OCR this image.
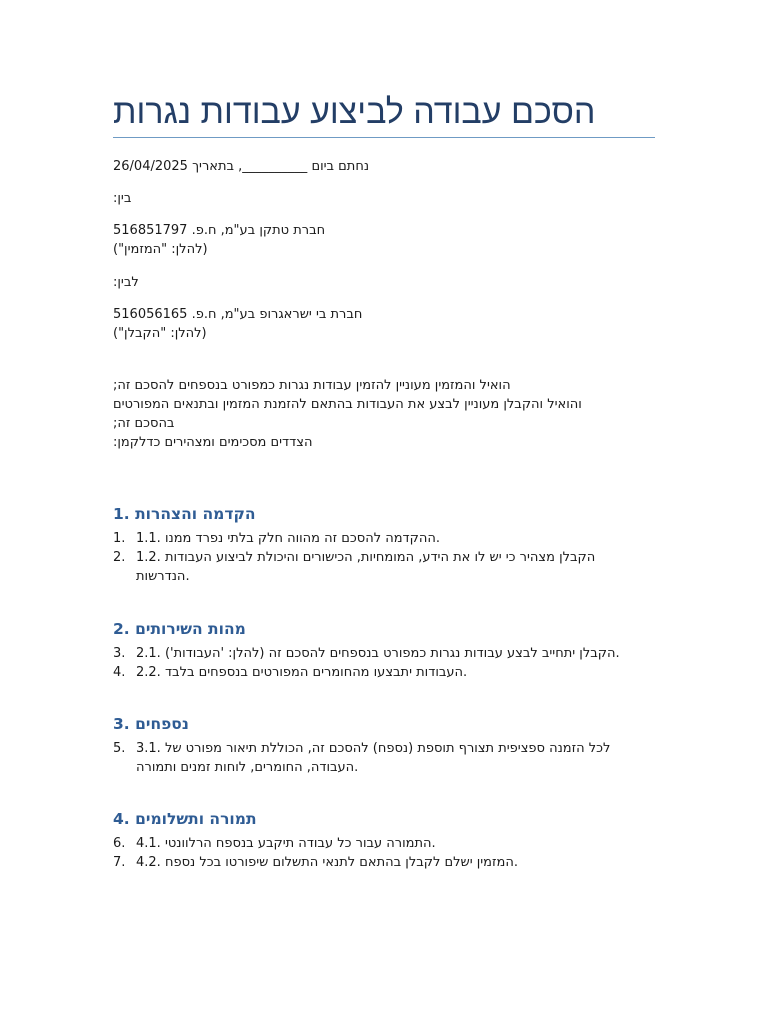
הסכם עבודה לביצוע עבודות נגרות
נחתם ביום __________, בתאריך 26/04/2025
בין:
חברת טתקן בע"מ, ח.פ. 516851797
(להלן: "המזמין")
לבין:
חברת בי ישראגרופ בע"מ, ח.פ. 516056165
(להלן: "הקבלן")
הואיל והמזמין מעוניין להזמין עבודות נגרות כמפורט בנספחים להסכם זה;
והואיל והקבלן מעוניין לבצע את העבודות בהתאם להזמנת המזמין ובתנאים המפורטים
בהסכם זה;
הצדדים מסכימים ומצהירים כדלקמן:
1. הקדמה והצהרות
1. 1.1. ההקדמה להסכם זה מהווה חלק בלתי נפרד ממנו.
2. 1.2. הקבלן מצהיר כי יש לו את הידע, המומחיות, הכישורים והיכולת לביצוע העבודות
הנדרשות.
2. מהות השירותים
3. 2.1. הקבלן יתחייב לבצע עבודות נגרות כמפורט בנספחים להסכם זה (להלן: 'העבודות').
4. 2.2. העבודות יתבצעו מהחומרים המפורטים בנספחים בלבד.
3. נספחים
5. 3.1. לכל הזמנה ספציפית תצורף תוספת (נספח) להסכם זה, הכוללת תיאור מפורט של
העבודה, החומרים, לוחות זמנים ותמורה.
4. תמורה ותשלומים
6. 4.1. התמורה עבור כל עבודה תיקבע בנספח הרלוונטי.
7. 4.2. המזמין ישלם לקבלן בהתאם לתנאי התשלום שיפורטו בכל נספח.
